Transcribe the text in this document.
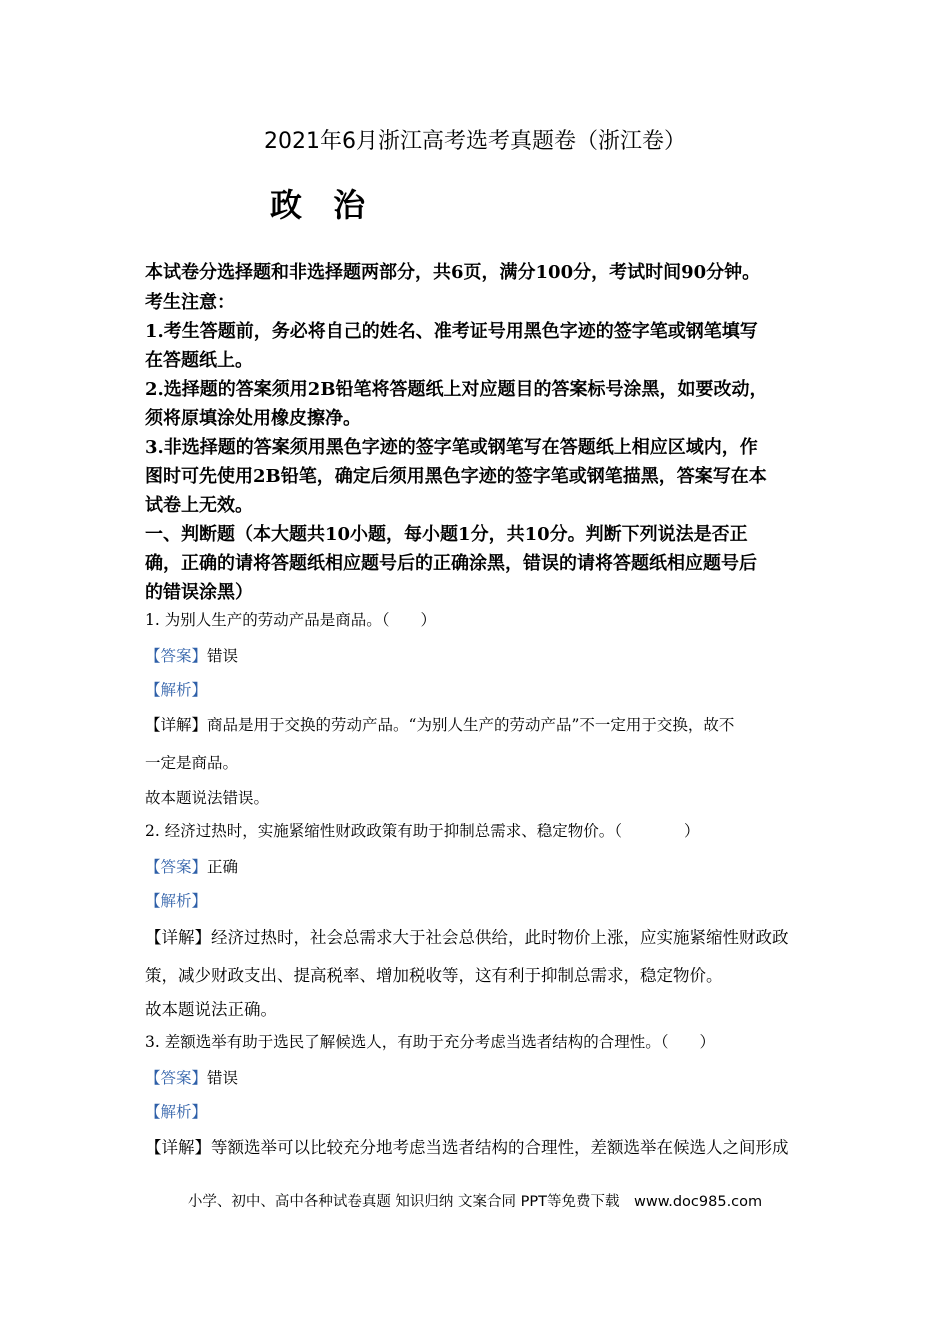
2021年6月浙江高考选考真题卷（浙江卷）
政 治
本试卷分选择题和非选择题两部分，共6页，满分100分，考试时间90分钟。
考生注意：
1.考生答题前，务必将自己的姓名、准考证号用黑色字迹的签字笔或钢笔填写
在答题纸上。
2.选择题的答案须用2B铅笔将答题纸上对应题目的答案标号涂黑，如要改动，
须将原填涂处用橡皮擦净。
3.非选择题的答案须用黑色字迹的签字笔或钢笔写在答题纸上相应区域内，作
图时可先使用2B铅笔，确定后须用黑色字迹的签字笔或钢笔描黑，答案写在本
试卷上无效。
一、判断题（本大题共10小题，每小题1分，共10分。判断下列说法是否正
确，正确的请将答题纸相应题号后的正确涂黑，错误的请将答题纸相应题号后
的错误涂黑）
1. 为别人生产的劳动产品是商品。（　　）
【答案】错误
【解析】
【详解】商品是用于交换的劳动产品。“为别人生产的劳动产品”不一定用于交换，故不
一定是商品。
故本题说法错误。
2. 经济过热时，实施紧缩性财政政策有助于抑制总需求、稳定物价。（　　　　）
【答案】正确
【解析】
【详解】经济过热时，社会总需求大于社会总供给，此时物价上涨，应实施紧缩性财政政
策，减少财政支出、提高税率、增加税收等，这有利于抑制总需求，稳定物价。
故本题说法正确。
3. 差额选举有助于选民了解候选人，有助于充分考虑当选者结构的合理性。（　　）
【答案】错误
【解析】
【详解】等额选举可以比较充分地考虑当选者结构的合理性，差额选举在候选人之间形成
小学、初中、高中各种试卷真题 知识归纳 文案合同 PPT等免费下载　www.doc985.com
